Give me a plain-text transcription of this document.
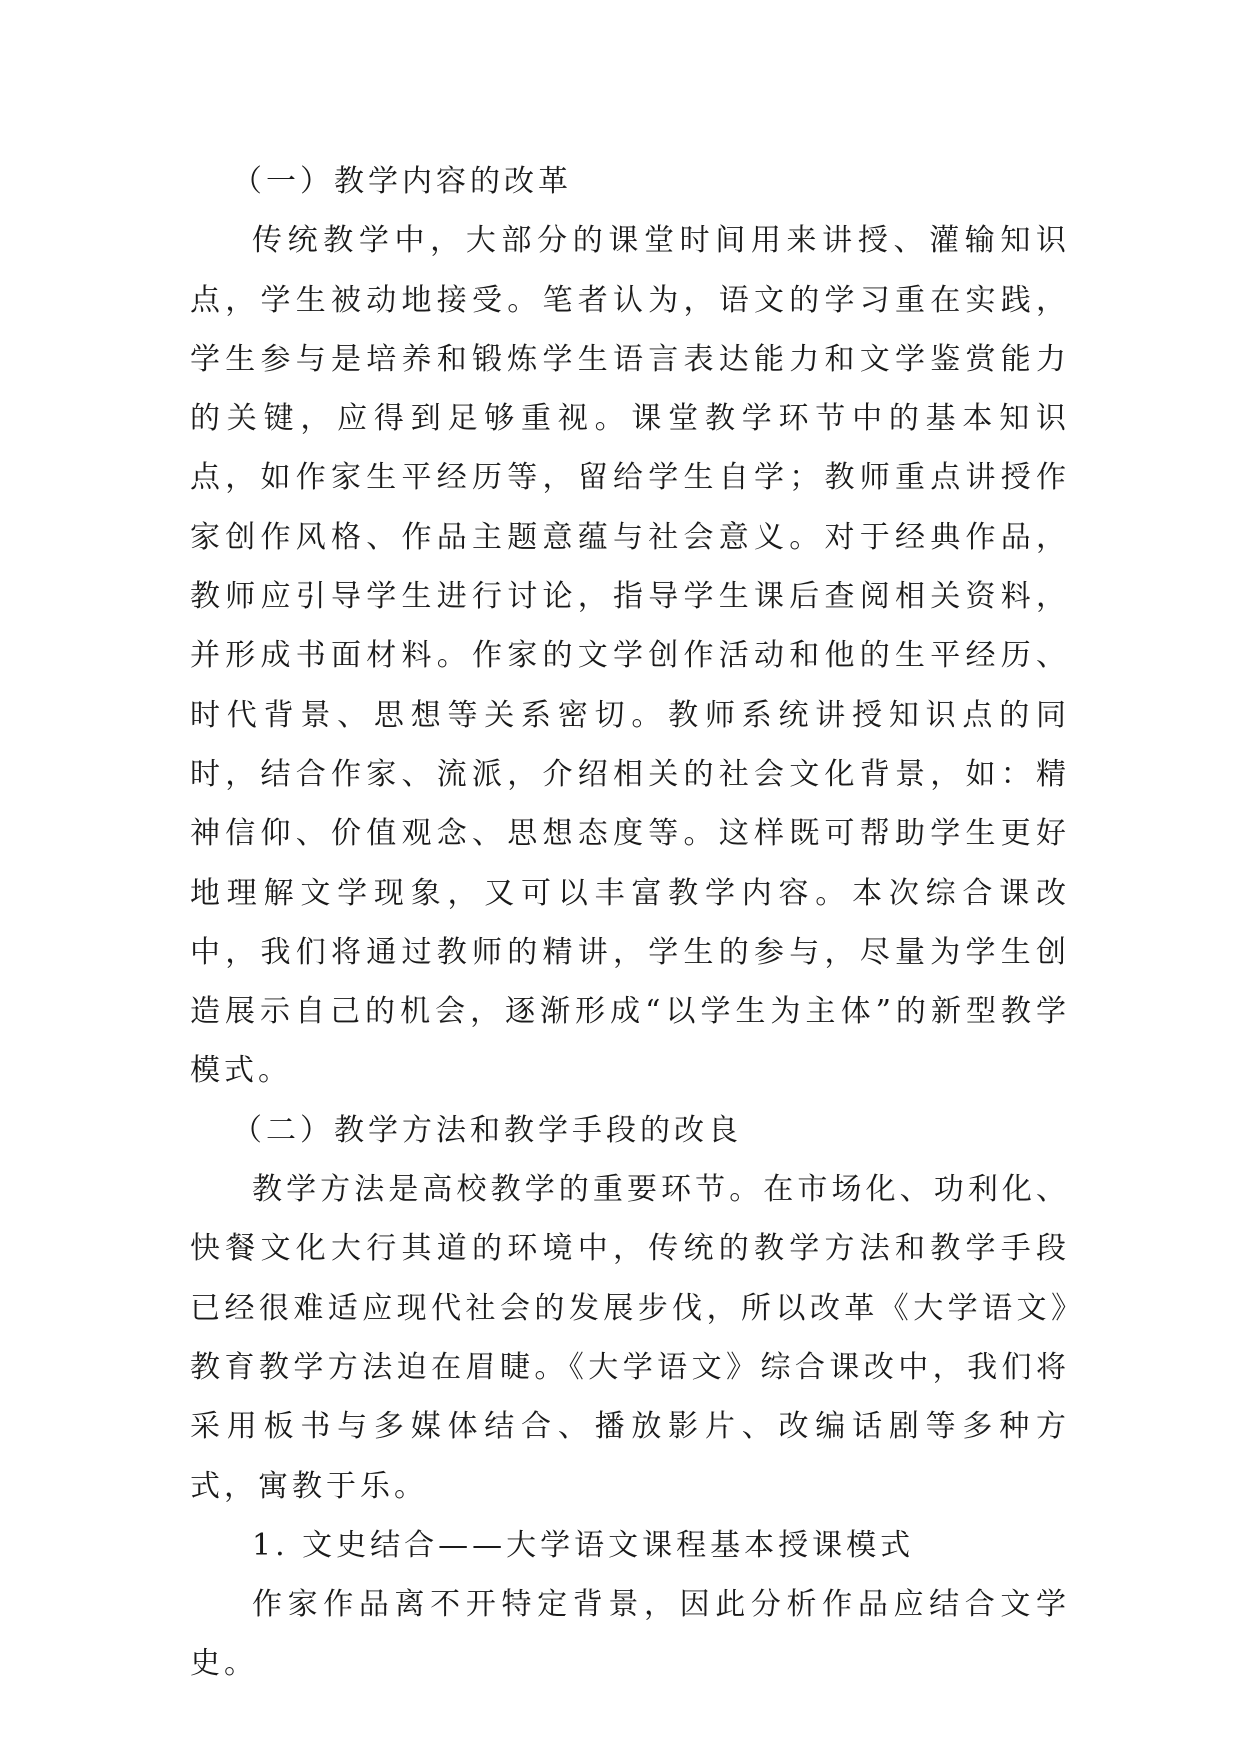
（一）教学内容的改革

传统教学中，大部分的课堂时间用来讲授、灌输知识点，学生被动地接受。笔者认为，语文的学习重在实践，学生参与是培养和锻炼学生语言表达能力和文学鉴赏能力的关键，应得到足够重视。课堂教学环节中的基本知识点，如作家生平经历等，留给学生自学；教师重点讲授作家创作风格、作品主题意蕴与社会意义。对于经典作品，教师应引导学生进行讨论，指导学生课后查阅相关资料，并形成书面材料。作家的文学创作活动和他的生平经历、时代背景、思想等关系密切。教师系统讲授知识点的同时，结合作家、流派，介绍相关的社会文化背景，如：精神信仰、价值观念、思想态度等。这样既可帮助学生更好地理解文学现象，又可以丰富教学内容。本次综合课改中，我们将通过教师的精讲，学生的参与，尽量为学生创造展示自己的机会，逐渐形成“以学生为主体”的新型教学模式。

（二）教学方法和教学手段的改良

教学方法是高校教学的重要环节。在市场化、功利化、快餐文化大行其道的环境中，传统的教学方法和教学手段已经很难适应现代社会的发展步伐，所以改革《大学语文》教育教学方法迫在眉睫。《大学语文》综合课改中，我们将采用板书与多媒体结合、播放影片、改编话剧等多种方式，寓教于乐。

1. 文史结合——大学语文课程基本授课模式

作家作品离不开特定背景，因此分析作品应结合文学史。
